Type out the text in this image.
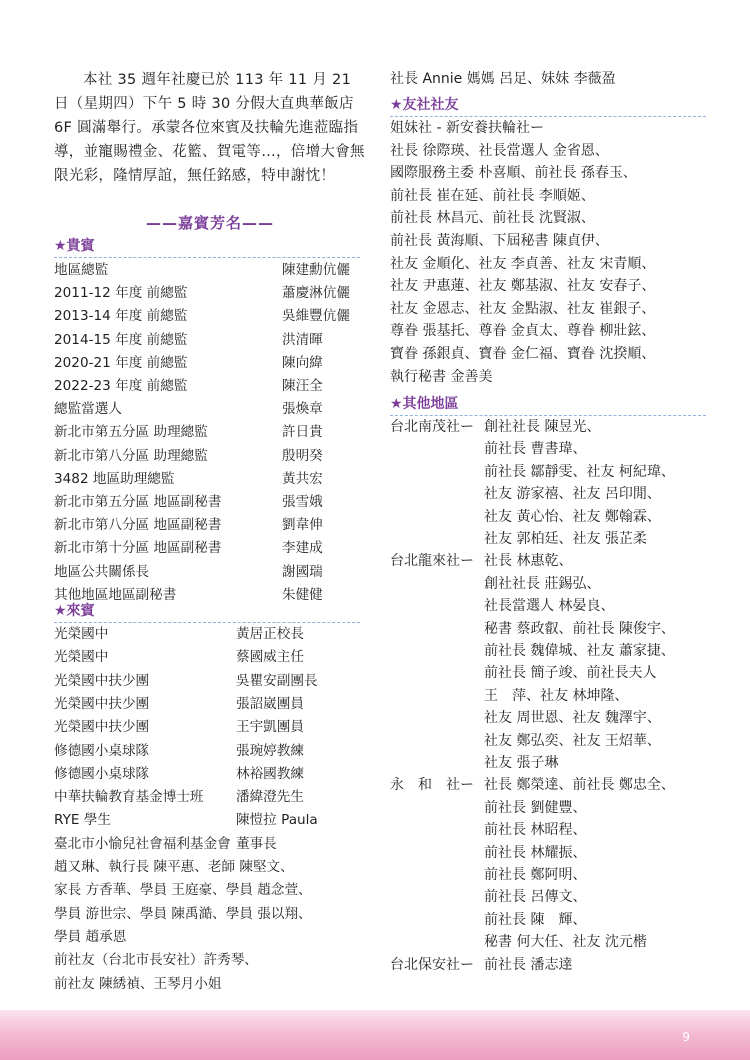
本社 35 週年社慶已於 113 年 11 月 21 日（星期四）下午 5 時 30 分假大直典華飯店 6F 圓滿舉行。承蒙各位來賓及扶輪先進蒞臨指導，並寵賜禮金、花籃、賀電等…，倍增大會無限光彩，隆情厚誼，無任銘感，特申謝忱！

——嘉賓芳名——
★貴賓
★來賓
社長 Annie 媽媽 呂足、妹妹 李薇盈
★友社社友
★其他地區
9
地區總監	陳建勳伉儷
2011-12 年度 前總監	蕭慶淋伉儷
2013-14 年度 前總監	吳維豐伉儷
2014-15 年度 前總監	洪清暉
2020-21 年度 前總監	陳向緯
2022-23 年度 前總監	陳汪全
總監當選人	張煥章
新北市第五分區 助理總監	許日貴
新北市第八分區 助理總監	殷明癸
3482 地區助理總監	黃共宏
新北市第五分區 地區副秘書	張雪娥
新北市第八分區 地區副秘書	劉韋伸
新北市第十分區 地區副秘書	李建成
地區公共關係長	謝國瑞
其他地區地區副秘書	朱健健
光榮國中	黃居正校長
光榮國中	蔡國威主任
光榮國中扶少團	吳瞿安副團長
光榮國中扶少團	張詔崴團員
光榮國中扶少團	王宇凱團員
修德國小桌球隊	張琬婷教練
修德國小桌球隊	林裕國教練
中華扶輪教育基金博士班 潘緯澄先生
RYE 學生	陳愷拉 Paula
臺北市小愉兒社會福利基金會 董事長
趙又琳、執行長 陳平惠、老師 陳堅文、
家長 方香華、學員 王庭豪、學員 趙念萱、
學員 游世宗、學員 陳禹澔、學員 張以翔、
學員 趙承恩
前社友（台北市長安社）許秀琴、
前社友 陳綉禎、王琴月小姐
姐妹社 - 新安養扶輪社ー
社長 徐際瑛、社長當選人 金省恩、
國際服務主委 朴喜順、前社長 孫春玉、
前社長 崔在延、前社長 李順姬、
前社長 林昌元、前社長 沈賢淑、
前社長 黃海順、下屆秘書 陳貞伊、
社友 金順化、社友 李貞善、社友 宋青順、
社友 尹惠蓮、社友 鄭基淑、社友 安春子、
社友 金恩志、社友 金點淑、社友 崔銀子、
尊眷 張基托、尊眷 金貞太、尊眷 柳壯鉉、
寶眷 孫銀貞、寶眷 金仁福、寶眷 沈揆順、
執行秘書 金善美
台北南茂社ー 創社社長 陳昱光、
前社長 曹書瑋、
前社長 鄒靜雯、社友 柯紀瑋、
社友 游家禧、社友 呂印閒、
社友 黃心怡、社友 鄭翰霖、
社友 郭柏廷、社友 張芷柔
台北龍來社ー 社長 林惠乾、
創社社長 莊錫弘、
社長當選人 林晏良、
秘書 蔡政叡、前社長 陳俊宇、
前社長 魏偉城、社友 蕭家捷、
前社長 簡子竣、前社長夫人
王　萍、社友 林坤隆、
社友 周世恩、社友 魏澤宇、
社友 鄭弘奕、社友 王炤華、
社友 張子琳
永　和　社ー 社長 鄭榮達、前社長 鄭忠全、
前社長 劉健豐、
前社長 林昭程、
前社長 林耀振、
前社長 鄭阿明、
前社長 呂傳文、
前社長 陳　輝、
秘書 何大任、社友 沈元楷
台北保安社ー 前社長 潘志達
